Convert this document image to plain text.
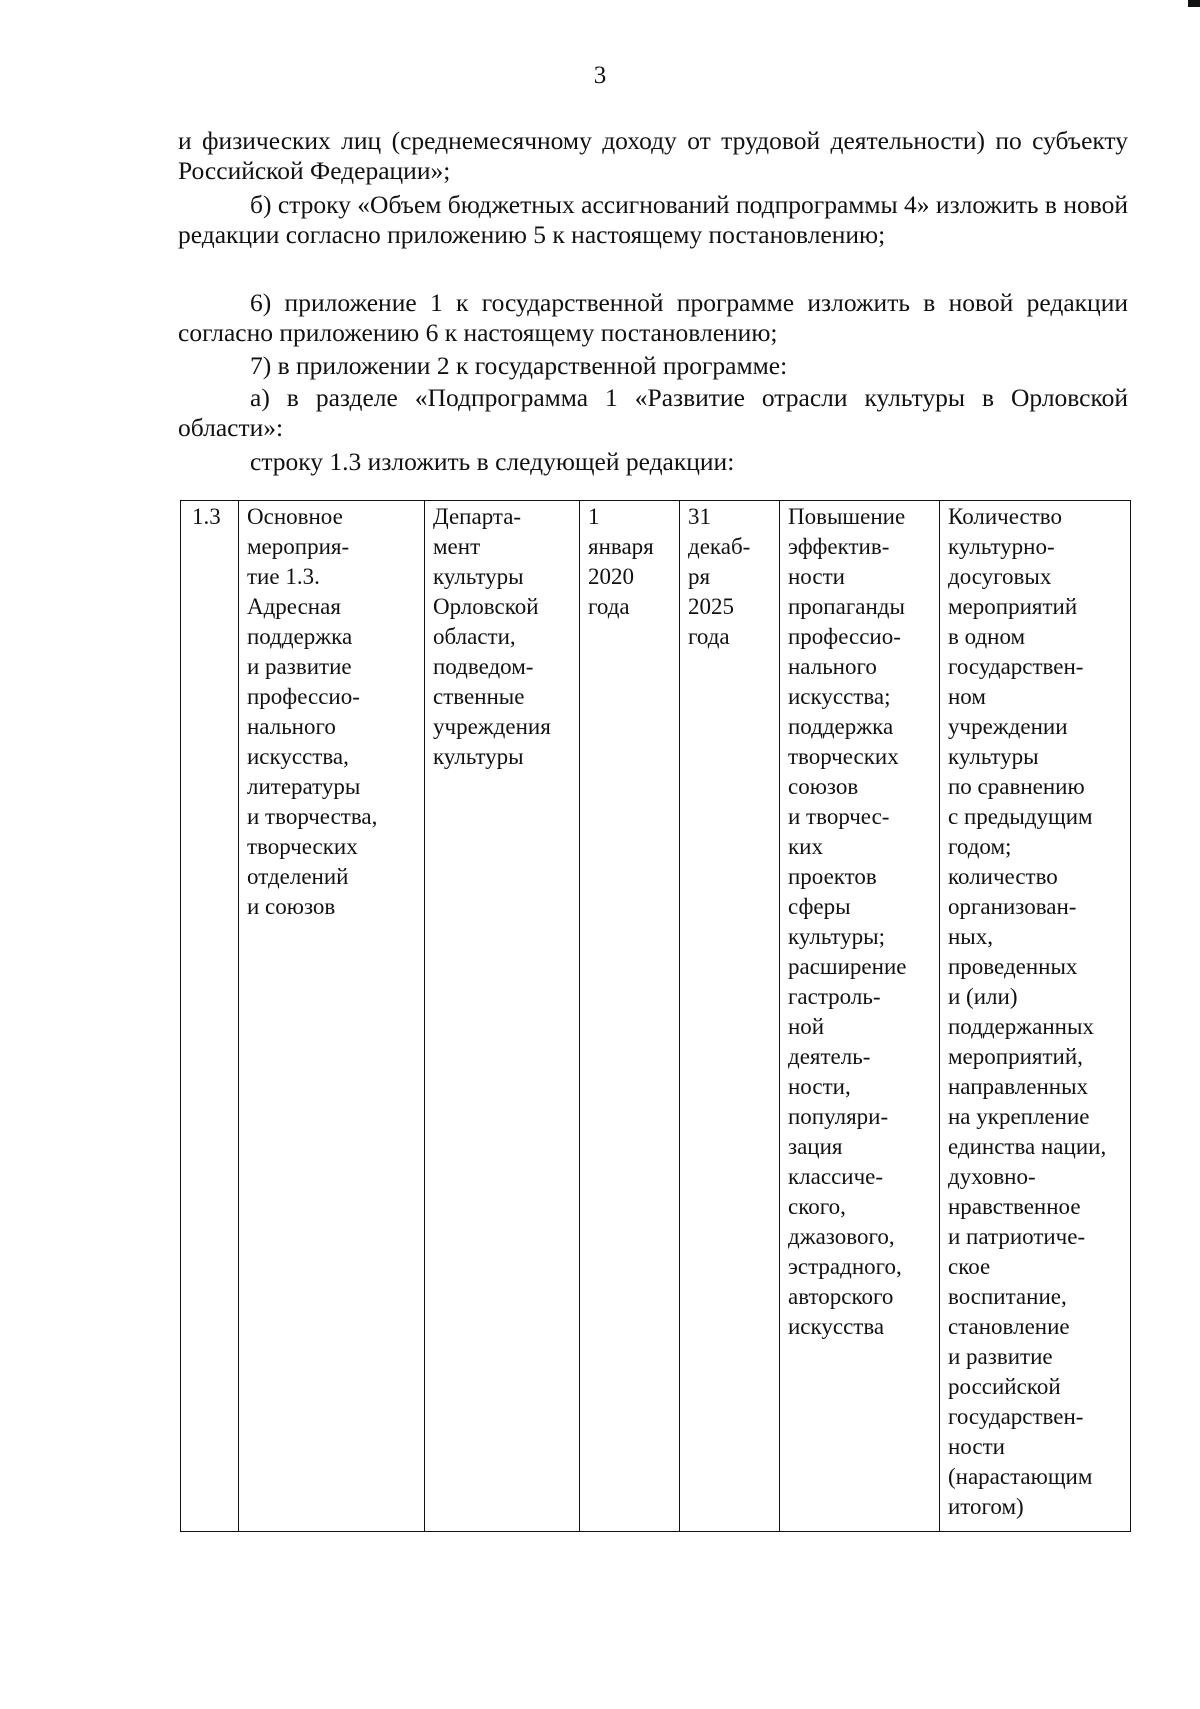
3

и физических лиц (среднемесячному доходу от трудовой деятельности) по субъекту Российской Федерации»;

б) строку «Объем бюджетных ассигнований подпрограммы 4» изложить в новой редакции согласно приложению 5 к настоящему постановлению;

6) приложение 1 к государственной программе изложить в новой редакции согласно приложению 6 к настоящему постановлению;

7) в приложении 2 к государственной программе:

а) в разделе «Подпрограмма 1 «Развитие отрасли культуры в Орловской области»:

строку 1.3 изложить в следующей редакции:

1.3	Основное
мероприя-
тие 1.3.
Адресная
поддержка
и развитие
профессио-
нального
искусства,
литературы
и творчества,
творческих
отделений
и союзов	Департа-
мент
культуры
Орловской
области,
подведом-
ственные
учреждения
культуры	1
января
2020
года	31
декаб-
ря
2025
года	Повышение
эффектив-
ности
пропаганды
профессио-
нального
искусства;
поддержка
творческих
союзов
и творчес-
ких
проектов
сферы
культуры;
расширение
гастроль-
ной
деятель-
ности,
популяри-
зация
классиче-
ского,
джазового,
эстрадного,
авторского
искусства	Количество
культурно-
досуговых
мероприятий
в одном
государствен-
ном
учреждении
культуры
по сравнению
с предыдущим
годом;
количество
организован-
ных,
проведенных
и (или)
поддержанных
мероприятий,
направленных
на укрепление
единства нации,
духовно-
нравственное
и патриотиче-
ское
воспитание,
становление
и развитие
российской
государствен-
ности
(нарастающим
итогом)
